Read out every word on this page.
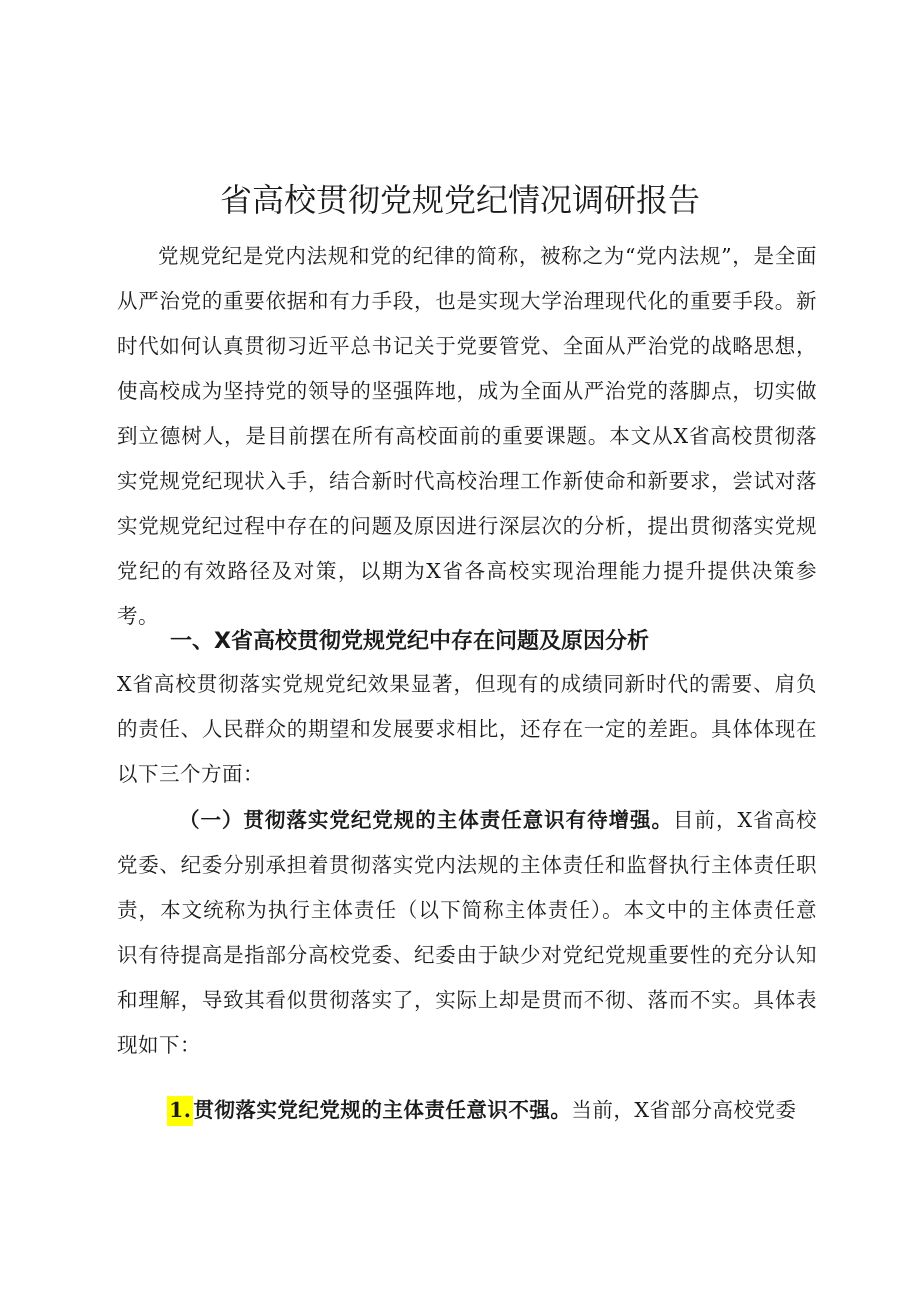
省高校贯彻党规党纪情况调研报告

党规党纪是党内法规和党的纪律的简称，被称之为“党内法规”，是全面从严治党的重要依据和有力手段，也是实现大学治理现代化的重要手段。新时代如何认真贯彻习近平总书记关于党要管党、全面从严治党的战略思想，使高校成为坚持党的领导的坚强阵地，成为全面从严治党的落脚点，切实做到立德树人，是目前摆在所有高校面前的重要课题。本文从X省高校贯彻落实党规党纪现状入手，结合新时代高校治理工作新使命和新要求，尝试对落实党规党纪过程中存在的问题及原因进行深层次的分析，提出贯彻落实党规党纪的有效路径及对策，以期为X省各高校实现治理能力提升提供决策参考。

一、X省高校贯彻党规党纪中存在问题及原因分析

X省高校贯彻落实党规党纪效果显著，但现有的成绩同新时代的需要、肩负的责任、人民群众的期望和发展要求相比，还存在一定的差距。具体体现在以下三个方面：

（一）贯彻落实党纪党规的主体责任意识有待增强。目前，X省高校党委、纪委分别承担着贯彻落实党内法规的主体责任和监督执行主体责任职责，本文统称为执行主体责任（以下简称主体责任）。本文中的主体责任意识有待提高是指部分高校党委、纪委由于缺少对党纪党规重要性的充分认知和理解，导致其看似贯彻落实了，实际上却是贯而不彻、落而不实。具体表现如下：

1.贯彻落实党纪党规的主体责任意识不强。当前，X省部分高校党委
